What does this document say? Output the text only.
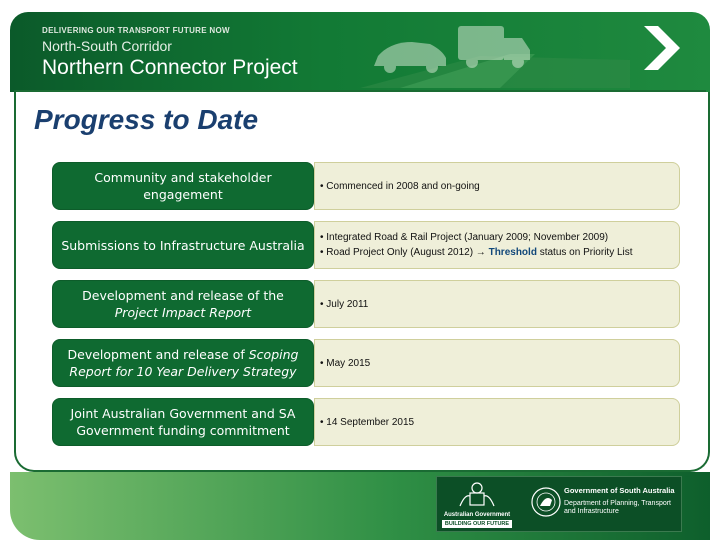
DELIVERING OUR TRANSPORT FUTURE NOW
North-South Corridor
Northern Connector Project
Progress to Date
Community and stakeholder engagement
• Commenced in 2008 and on-going
Submissions to Infrastructure Australia • Integrated Road & Rail Project (January 2009; November 2009)
• Road Project Only (August 2012) → Threshold status on Priority List
Development and release of the
Project Impact Report
• July 2011
Development and release of Scoping Report for 10 Year Delivery Strategy
• May 2015
Joint Australian Government and SA Government funding commitment
• 14 September 2015
Australian Government
BUILDING OUR FUTURE
Government of South Australia
Department of Planning, Transport and Infrastructure
